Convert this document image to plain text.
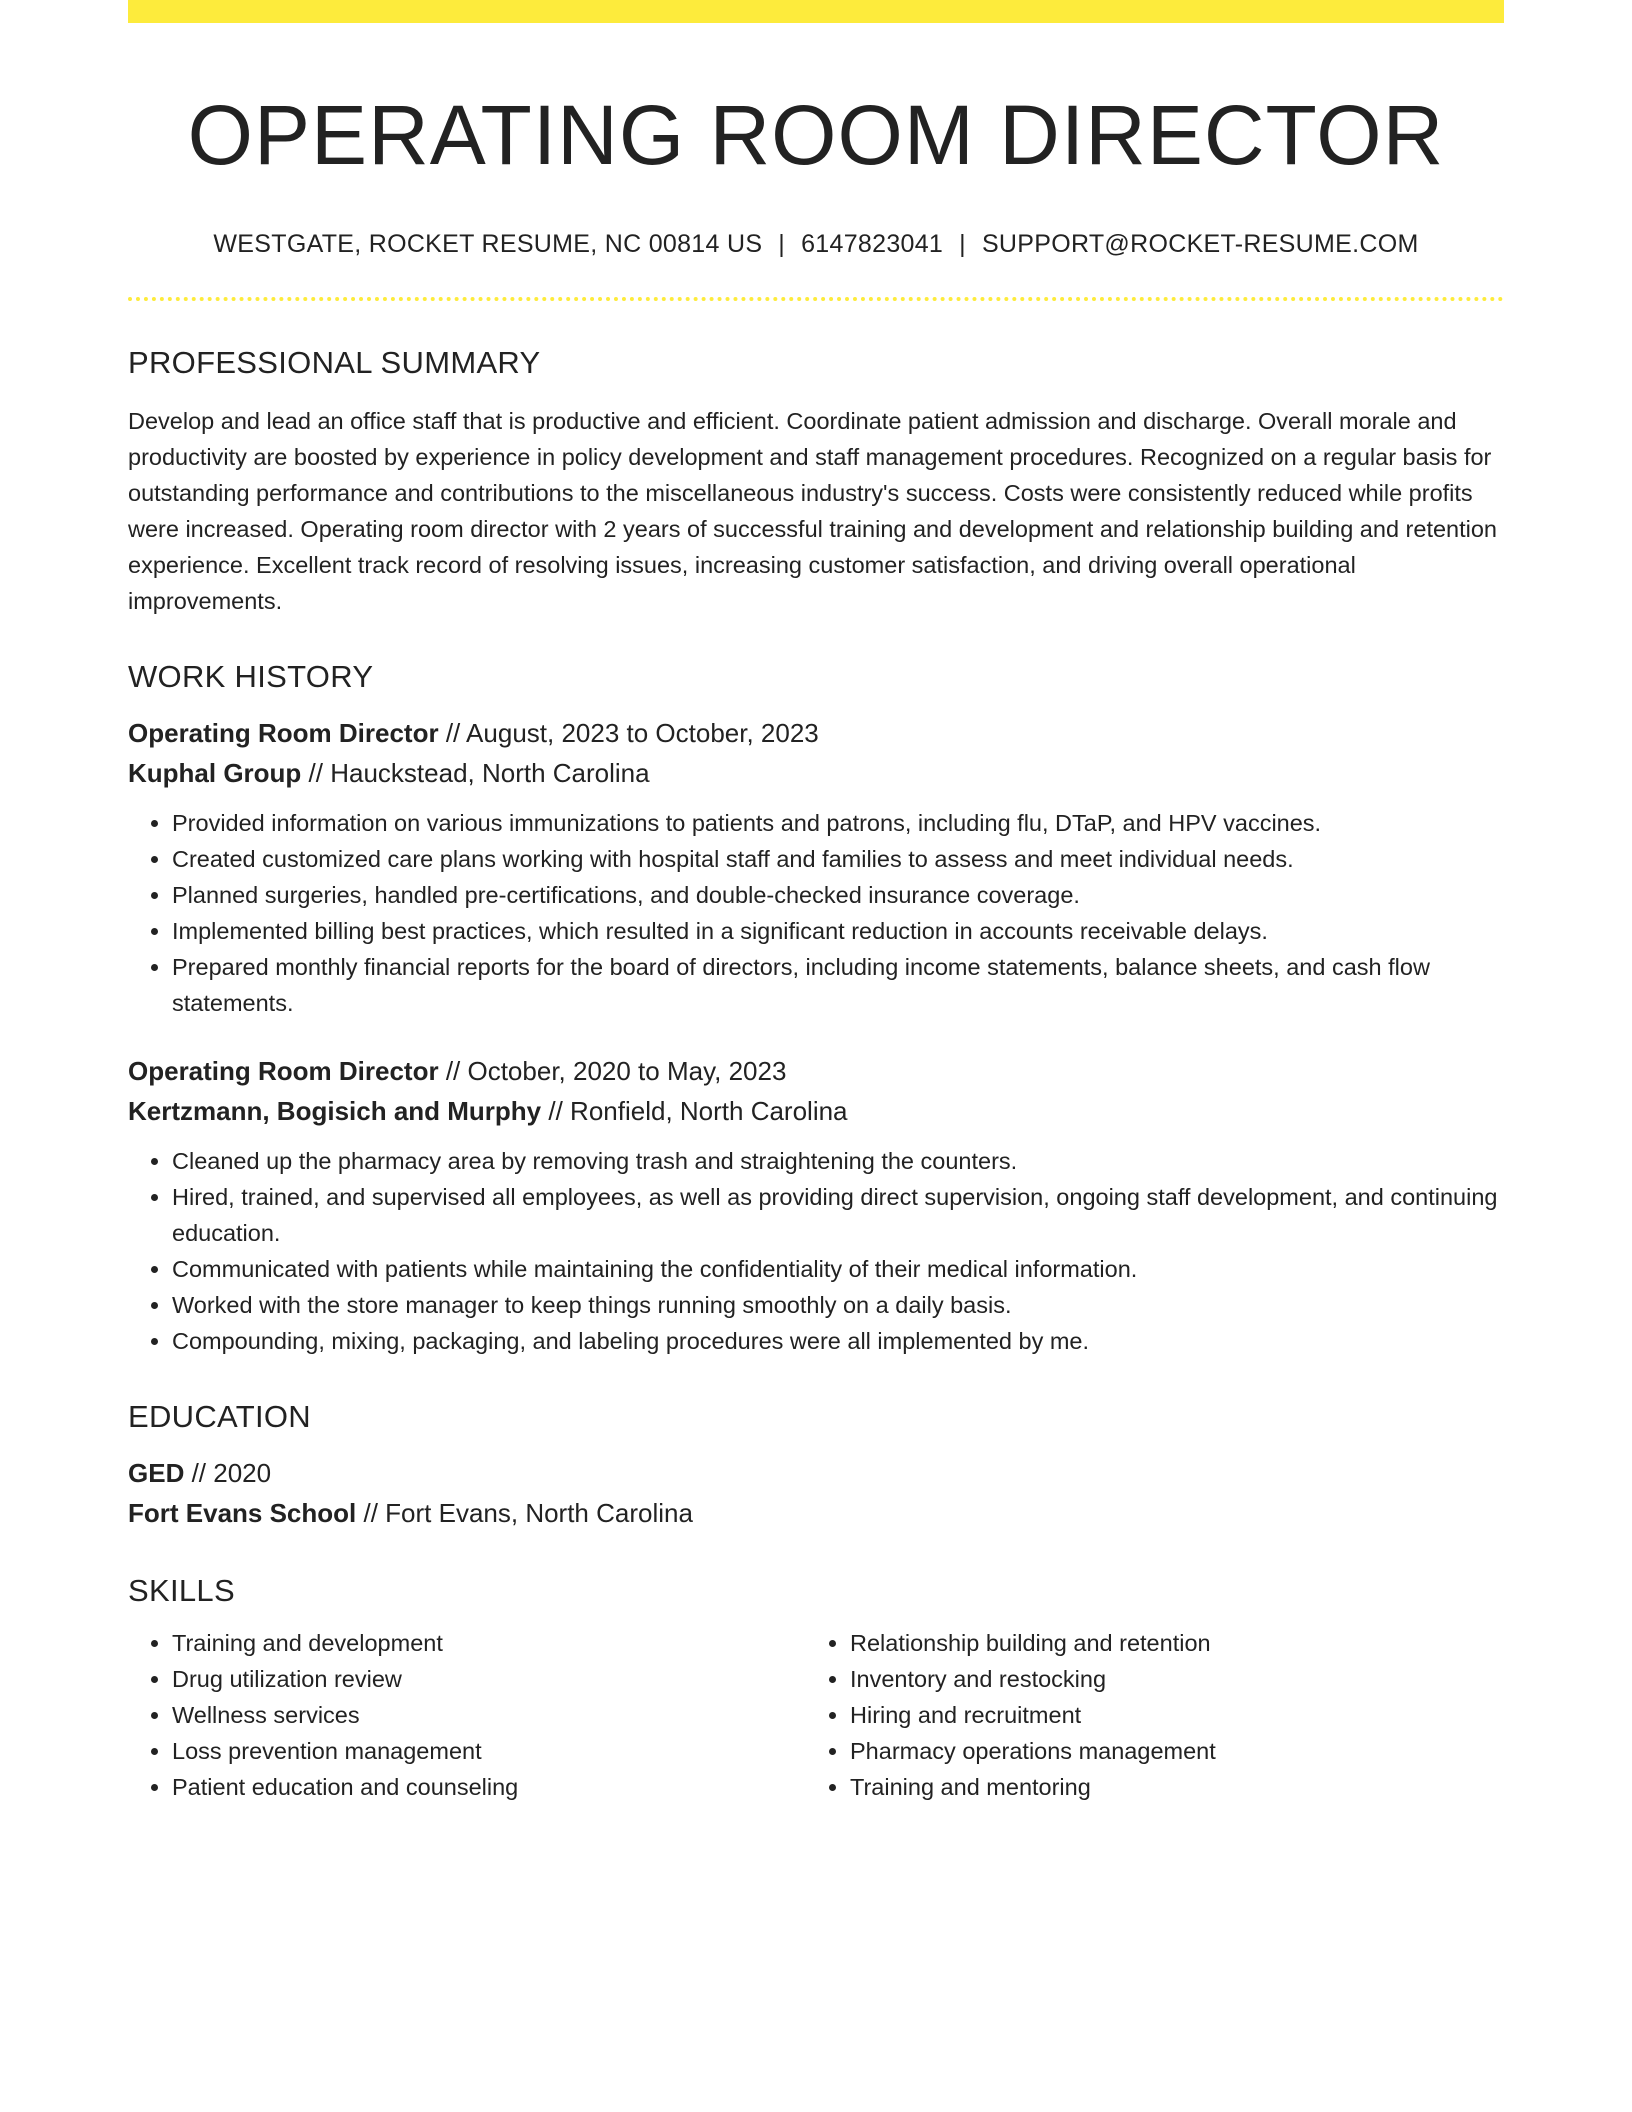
OPERATING ROOM DIRECTOR
WESTGATE, ROCKET RESUME, NC 00814 US | 6147823041 | SUPPORT@ROCKET-RESUME.COM
PROFESSIONAL SUMMARY
Develop and lead an office staff that is productive and efficient. Coordinate patient admission and discharge. Overall morale and productivity are boosted by experience in policy development and staff management procedures. Recognized on a regular basis for outstanding performance and contributions to the miscellaneous industry's success. Costs were consistently reduced while profits were increased. Operating room director with 2 years of successful training and development and relationship building and retention experience. Excellent track record of resolving issues, increasing customer satisfaction, and driving overall operational improvements.
WORK HISTORY
Operating Room Director // August, 2023 to October, 2023
Kuphal Group // Hauckstead, North Carolina
• Provided information on various immunizations to patients and patrons, including flu, DTaP, and HPV vaccines.
• Created customized care plans working with hospital staff and families to assess and meet individual needs.
• Planned surgeries, handled pre-certifications, and double-checked insurance coverage.
• Implemented billing best practices, which resulted in a significant reduction in accounts receivable delays.
• Prepared monthly financial reports for the board of directors, including income statements, balance sheets, and cash flow statements.
Operating Room Director // October, 2020 to May, 2023
Kertzmann, Bogisich and Murphy // Ronfield, North Carolina
• Cleaned up the pharmacy area by removing trash and straightening the counters.
• Hired, trained, and supervised all employees, as well as providing direct supervision, ongoing staff development, and continuing education.
• Communicated with patients while maintaining the confidentiality of their medical information.
• Worked with the store manager to keep things running smoothly on a daily basis.
• Compounding, mixing, packaging, and labeling procedures were all implemented by me.
EDUCATION
GED // 2020
Fort Evans School // Fort Evans, North Carolina
SKILLS
• Training and development
• Drug utilization review
• Wellness services
• Loss prevention management
• Patient education and counseling
• Relationship building and retention
• Inventory and restocking
• Hiring and recruitment
• Pharmacy operations management
• Training and mentoring
